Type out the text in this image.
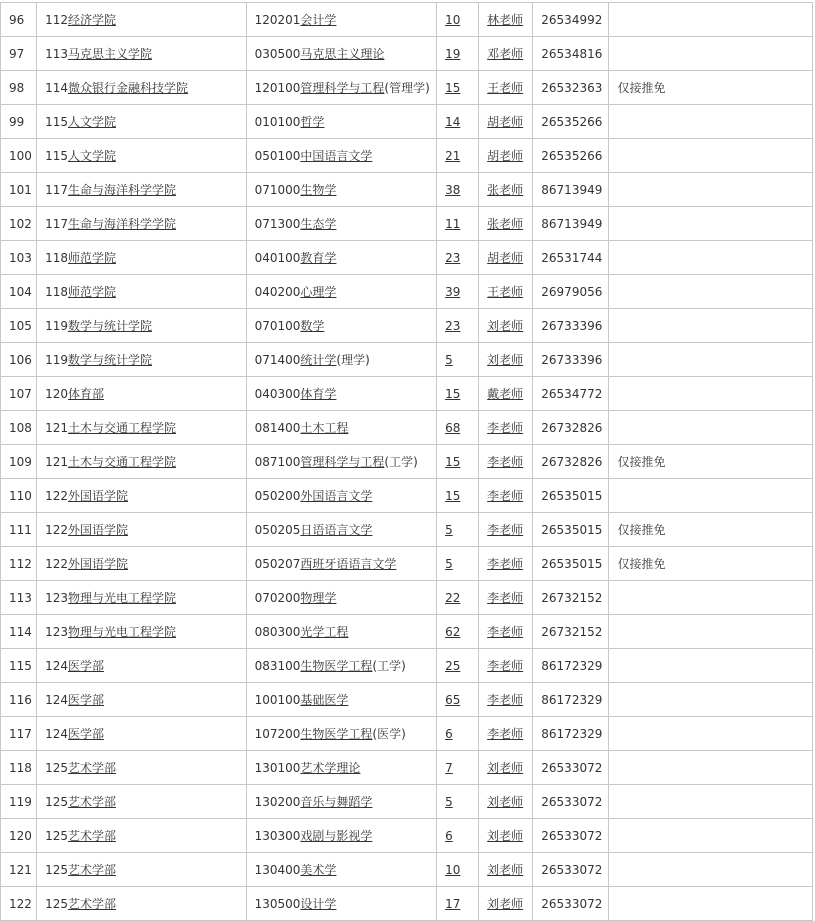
96	112经济学院	120201会计学	10	林老师	26534992	
97	113马克思主义学院	030500马克思主义理论	19	邓老师	26534816	
98	114微众银行金融科技学院	120100管理科学与工程(管理学)	15	王老师	26532363	仅接推免
99	115人文学院	010100哲学	14	胡老师	26535266	
100	115人文学院	050100中国语言文学	21	胡老师	26535266	
101	117生命与海洋科学学院	071000生物学	38	张老师	86713949	
102	117生命与海洋科学学院	071300生态学	11	张老师	86713949	
103	118师范学院	040100教育学	23	胡老师	26531744	
104	118师范学院	040200心理学	39	王老师	26979056	
105	119数学与统计学院	070100数学	23	刘老师	26733396	
106	119数学与统计学院	071400统计学(理学)	5	刘老师	26733396	
107	120体育部	040300体育学	15	戴老师	26534772	
108	121土木与交通工程学院	081400土木工程	68	李老师	26732826	
109	121土木与交通工程学院	087100管理科学与工程(工学)	15	李老师	26732826	仅接推免
110	122外国语学院	050200外国语言文学	15	李老师	26535015	
111	122外国语学院	050205日语语言文学	5	李老师	26535015	仅接推免
112	122外国语学院	050207西班牙语语言文学	5	李老师	26535015	仅接推免
113	123物理与光电工程学院	070200物理学	22	李老师	26732152	
114	123物理与光电工程学院	080300光学工程	62	李老师	26732152	
115	124医学部	083100生物医学工程(工学)	25	李老师	86172329	
116	124医学部	100100基础医学	65	李老师	86172329	
117	124医学部	107200生物医学工程(医学)	6	李老师	86172329	
118	125艺术学部	130100艺术学理论	7	刘老师	26533072	
119	125艺术学部	130200音乐与舞蹈学	5	刘老师	26533072	
120	125艺术学部	130300戏剧与影视学	6	刘老师	26533072	
121	125艺术学部	130400美术学	10	刘老师	26533072	
122	125艺术学部	130500设计学	17	刘老师	26533072	
